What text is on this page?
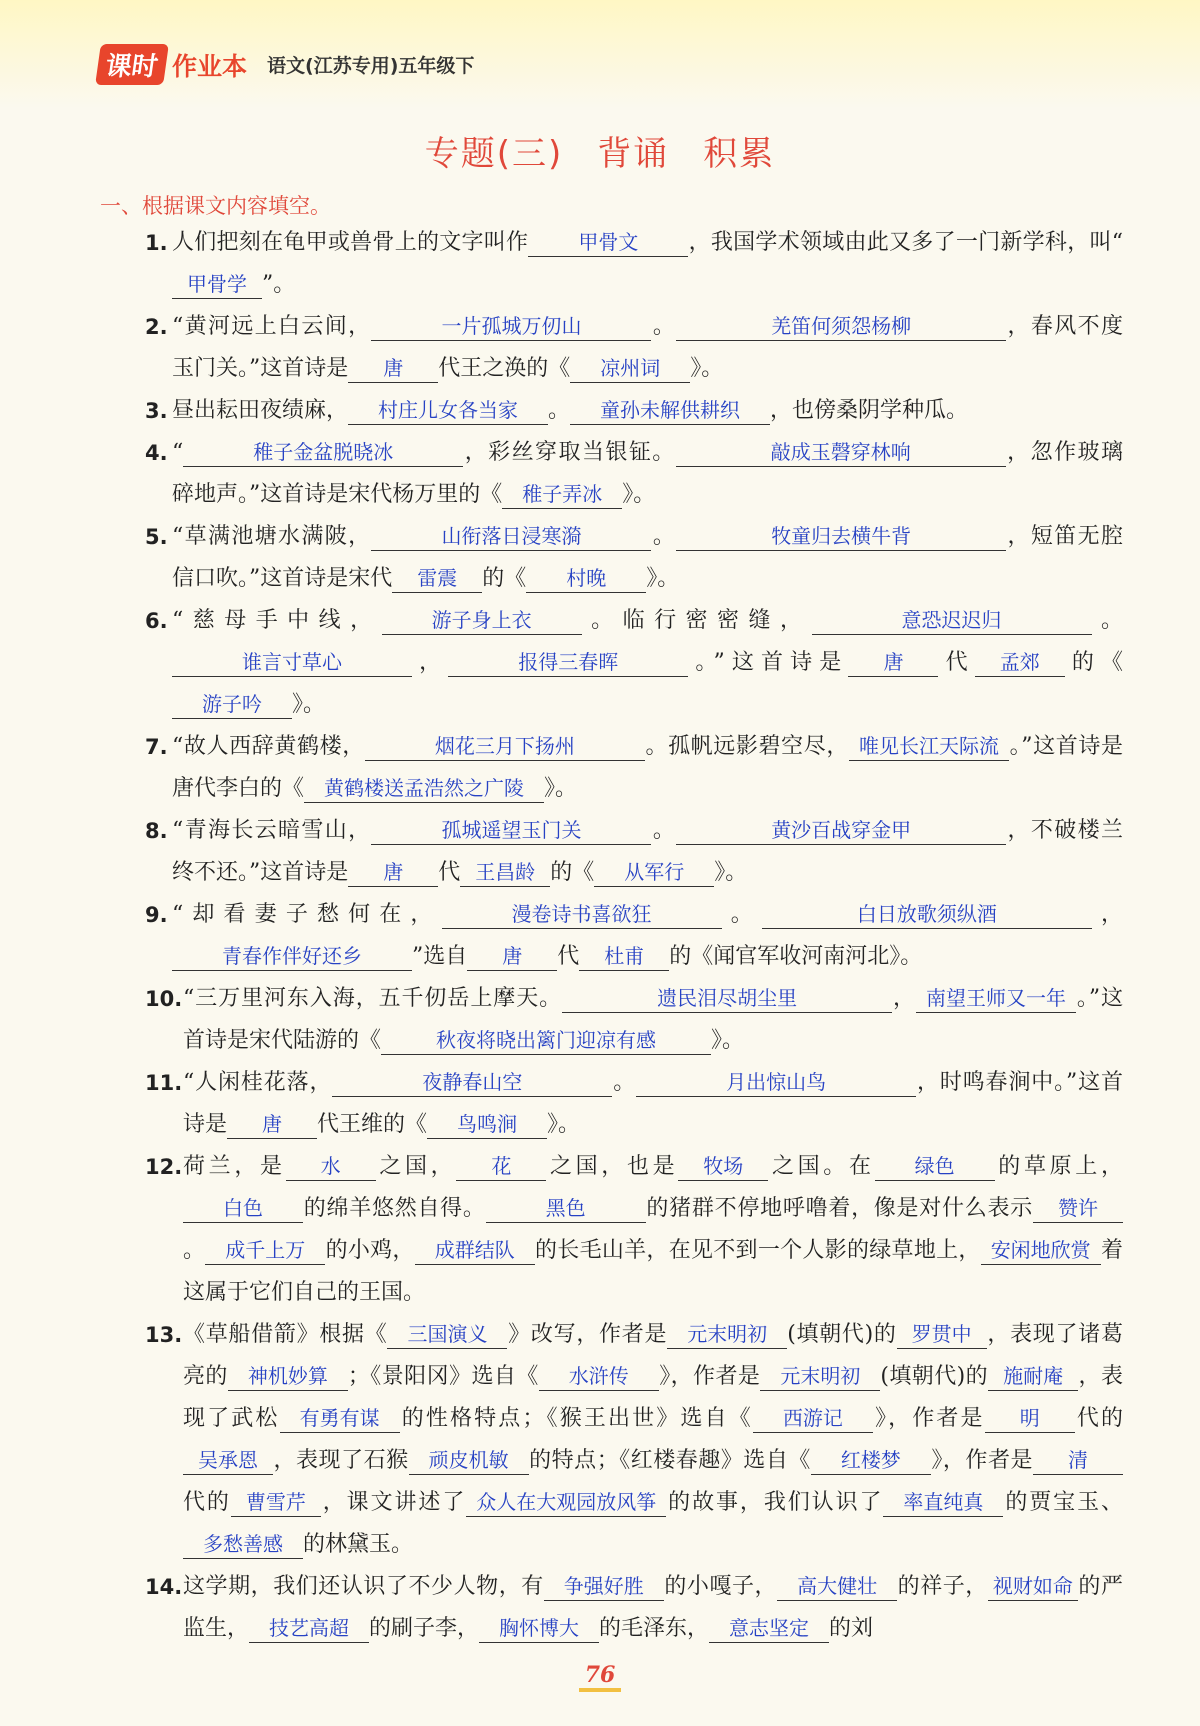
课时 作业本 语文(江苏专用)五年级下
专题(三) 背诵 积累
一、根据课文内容填空。
1. 人们把刻在龟甲或兽骨上的文字叫作	甲骨文 ，我国学术领域由此又多了一门新学科，叫“甲骨学 ”。
2. “黄河远上白云间，	一片孤城万仞山	。	羌笛何须怨杨柳	，春风不度玉门关。”这首诗是 唐 代王之涣的《 凉州词 》。
3. 昼出耘田夜绩麻， 村庄儿女各当家 。 童孙未解供耕织 ，也傍桑阴学种瓜。
4. “	稚子金盆脱晓冰	，彩丝穿取当银钲。	敲成玉磬穿林响	，忽作玻璃碎地声。”这首诗是宋代杨万里的《 稚子弄冰 》。
5. “草满池塘水满陂，	山衔落日浸寒漪	。	牧童归去横牛背	，短笛无腔信口吹。”这首诗是宋代 雷震 的《 村晚 》。
6. “慈母手中线，	游子身上衣 。临行密密缝，	意恐迟迟归	。谁言寸草心	，	报得三春晖	。”这首诗是 唐 代 孟郊 的《游子吟 》。
7. “故人西辞黄鹤楼，	烟花三月下扬州	。孤帆远影碧空尽， 唯见长江天际流 。”这首诗是唐代李白的《 黄鹤楼送孟浩然之广陵 》。
8. “青海长云暗雪山，	孤城遥望玉门关	。	黄沙百战穿金甲	，不破楼兰终不还。”这首诗是 唐 代 王昌龄 的《 从军行 》。
9. “却看妻子愁何在，	漫卷诗书喜欲狂	。	白日放歌须纵酒	，青春作伴好还乡 ”选自 唐 代 杜甫 的《闻官军收河南河北》。
10. “三万里河东入海，五千仞岳上摩天。	遗民泪尽胡尘里	， 南望王师又一年 。”这首诗是宋代陆游的《	秋夜将晓出篱门迎凉有感	》。
11. “人闲桂花落，	夜静春山空	。	月出惊山鸟	，时鸣春涧中。”这首诗是 唐 代王维的《 鸟鸣涧 》。
12. 荷兰，是 水 之国， 花 之国，也是 牧场 之国。在 绿色 的草原上，白色 的绵羊悠然自得。	黑色	的猪群不停地呼噜着，像是对什么表示 赞许。 成千上万 的小鸡， 成群结队 的长毛山羊，在见不到一个人影的绿草地上， 安闲地欣赏 着这属于它们自己的王国。
13. 《草船借箭》根据《 三国演义 》改写，作者是 元末明初 (填朝代)的 罗贯中 ，表现了诸葛亮的 神机妙算 ；《景阳冈》选自《 水浒传 》，作者是 元末明初 (填朝代)的 施耐庵 ，表现了武松 有勇有谋 的性格特点；《猴王出世》选自《 西游记 》，作者是 明 代的吴承恩 ，表现了石猴 顽皮机敏 的特点；《红楼春趣》选自《 红楼梦 》，作者是 清代的 曹雪芹 ，课文讲述了 众人在大观园放风筝 的故事，我们认识了 率直纯真 的贾宝玉、多愁善感 的林黛玉。
14. 这学期，我们还认识了不少人物，有 争强好胜 的小嘎子， 高大健壮 的祥子， 视财如命 的严监生， 技艺高超 的刷子李， 胸怀博大 的毛泽东， 意志坚定 的刘
76
